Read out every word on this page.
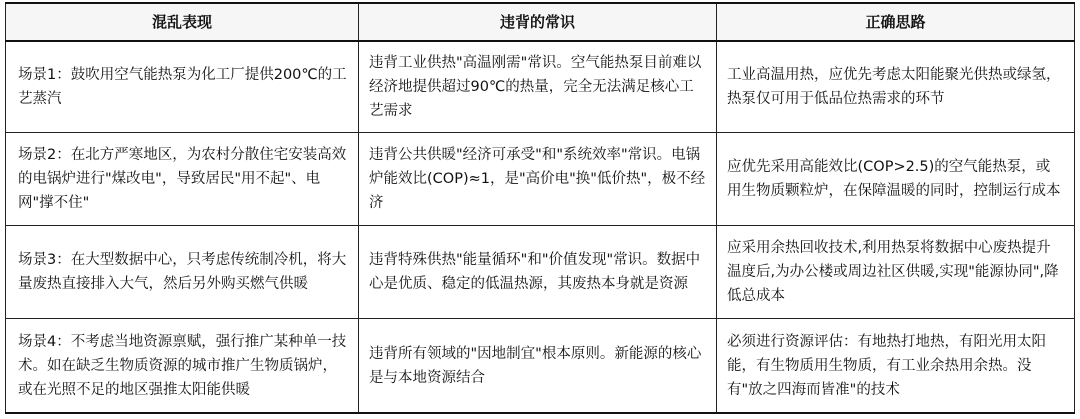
混乱表现	违背的常识	正确思路
场景1：鼓吹用空气能热泵为化工厂提供200℃的工艺蒸汽	违背工业供热"高温刚需"常识。空气能热泵目前难以经济地提供超过90℃的热量，完全无法满足核心工艺需求	工业高温用热，应优先考虑太阳能聚光供热或绿氢，热泵仅可用于低品位热需求的环节
场景2：在北方严寒地区，为农村分散住宅安装高效的电锅炉进行"煤改电"，导致居民"用不起"、电网"撑不住"	违背公共供暖"经济可承受"和"系统效率"常识。电锅炉能效比(COP)≈1，是"高价电"换"低价热"，极不经济	应优先采用高能效比(COP>2.5)的空气能热泵，或用生物质颗粒炉，在保障温暖的同时，控制运行成本
场景3：在大型数据中心，只考虑传统制冷机，将大量废热直接排入大气，然后另外购买燃气供暖	违背特殊供热"能量循环"和"价值发现"常识。数据中心是优质、稳定的低温热源，其废热本身就是资源	应采用余热回收技术,利用热泵将数据中心废热提升温度后,为办公楼或周边社区供暖,实现"能源协同",降低总成本
场景4：不考虑当地资源禀赋，强行推广某种单一技术。如在缺乏生物质资源的城市推广生物质锅炉，或在光照不足的地区强推太阳能供暖	违背所有领域的"因地制宜"根本原则。新能源的核心是与本地资源结合	必须进行资源评估：有地热打地热，有阳光用太阳能，有生物质用生物质，有工业余热用余热。没有"放之四海而皆准"的技术
